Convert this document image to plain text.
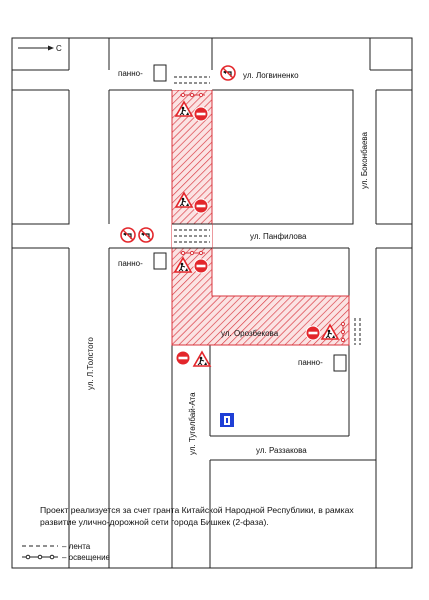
С
панно-
панно-
панно-
ул. Логвиненко
ул. Боконбаева
ул. Панфилова
ул. Л.Толстого
ул. Орозбекова
ул. Тугөлбай-Ата	ул. Раззакова
– лента
– освещение
Проект реализуется за счет гранта Китайской Народной Республики, в рамках развитие улично-дорожной сети города Бишкек (2-фаза).
